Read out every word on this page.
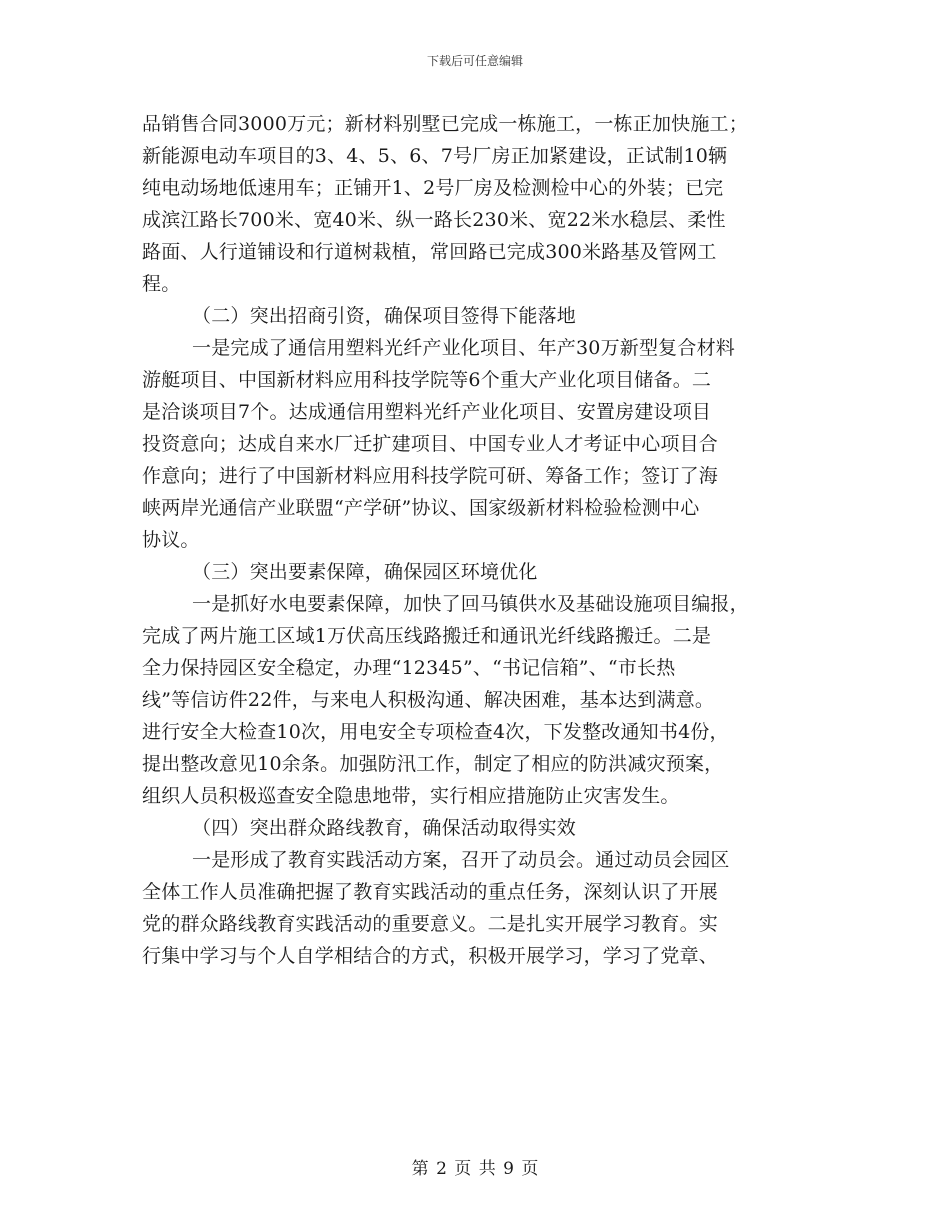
下载后可任意编辑
品销售合同3000万元；新材料别墅已完成一栋施工，一栋正加快施工；
新能源电动车项目的3、4、5、6、7号厂房正加紧建设，正试制10辆
纯电动场地低速用车；正铺开1、2号厂房及检测检中心的外装；已完
成滨江路长700米、宽40米、纵一路长230米、宽22米水稳层、柔性
路面、人行道铺设和行道树栽植，常回路已完成300米路基及管网工
程。
（二）突出招商引资，确保项目签得下能落地
一是完成了通信用塑料光纤产业化项目、年产30万新型复合材料
游艇项目、中国新材料应用科技学院等6个重大产业化项目储备。二
是洽谈项目7个。达成通信用塑料光纤产业化项目、安置房建设项目
投资意向；达成自来水厂迁扩建项目、中国专业人才考证中心项目合
作意向；进行了中国新材料应用科技学院可研、筹备工作；签订了海
峡两岸光通信产业联盟“产学研”协议、国家级新材料检验检测中心
协议。
（三）突出要素保障，确保园区环境优化
一是抓好水电要素保障，加快了回马镇供水及基础设施项目编报，
完成了两片施工区域1万伏高压线路搬迁和通讯光纤线路搬迁。二是
全力保持园区安全稳定，办理“12345”、“书记信箱”、“市长热
线”等信访件22件，与来电人积极沟通、解决困难，基本达到满意。
进行安全大检查10次，用电安全专项检查4次，下发整改通知书4份，
提出整改意见10余条。加强防汛工作，制定了相应的防洪减灾预案，
组织人员积极巡查安全隐患地带，实行相应措施防止灾害发生。
（四）突出群众路线教育，确保活动取得实效
一是形成了教育实践活动方案，召开了动员会。通过动员会园区
全体工作人员准确把握了教育实践活动的重点任务，深刻认识了开展
党的群众路线教育实践活动的重要意义。二是扎实开展学习教育。实
行集中学习与个人自学相结合的方式，积极开展学习，学习了党章、
第 2 页 共 9 页
